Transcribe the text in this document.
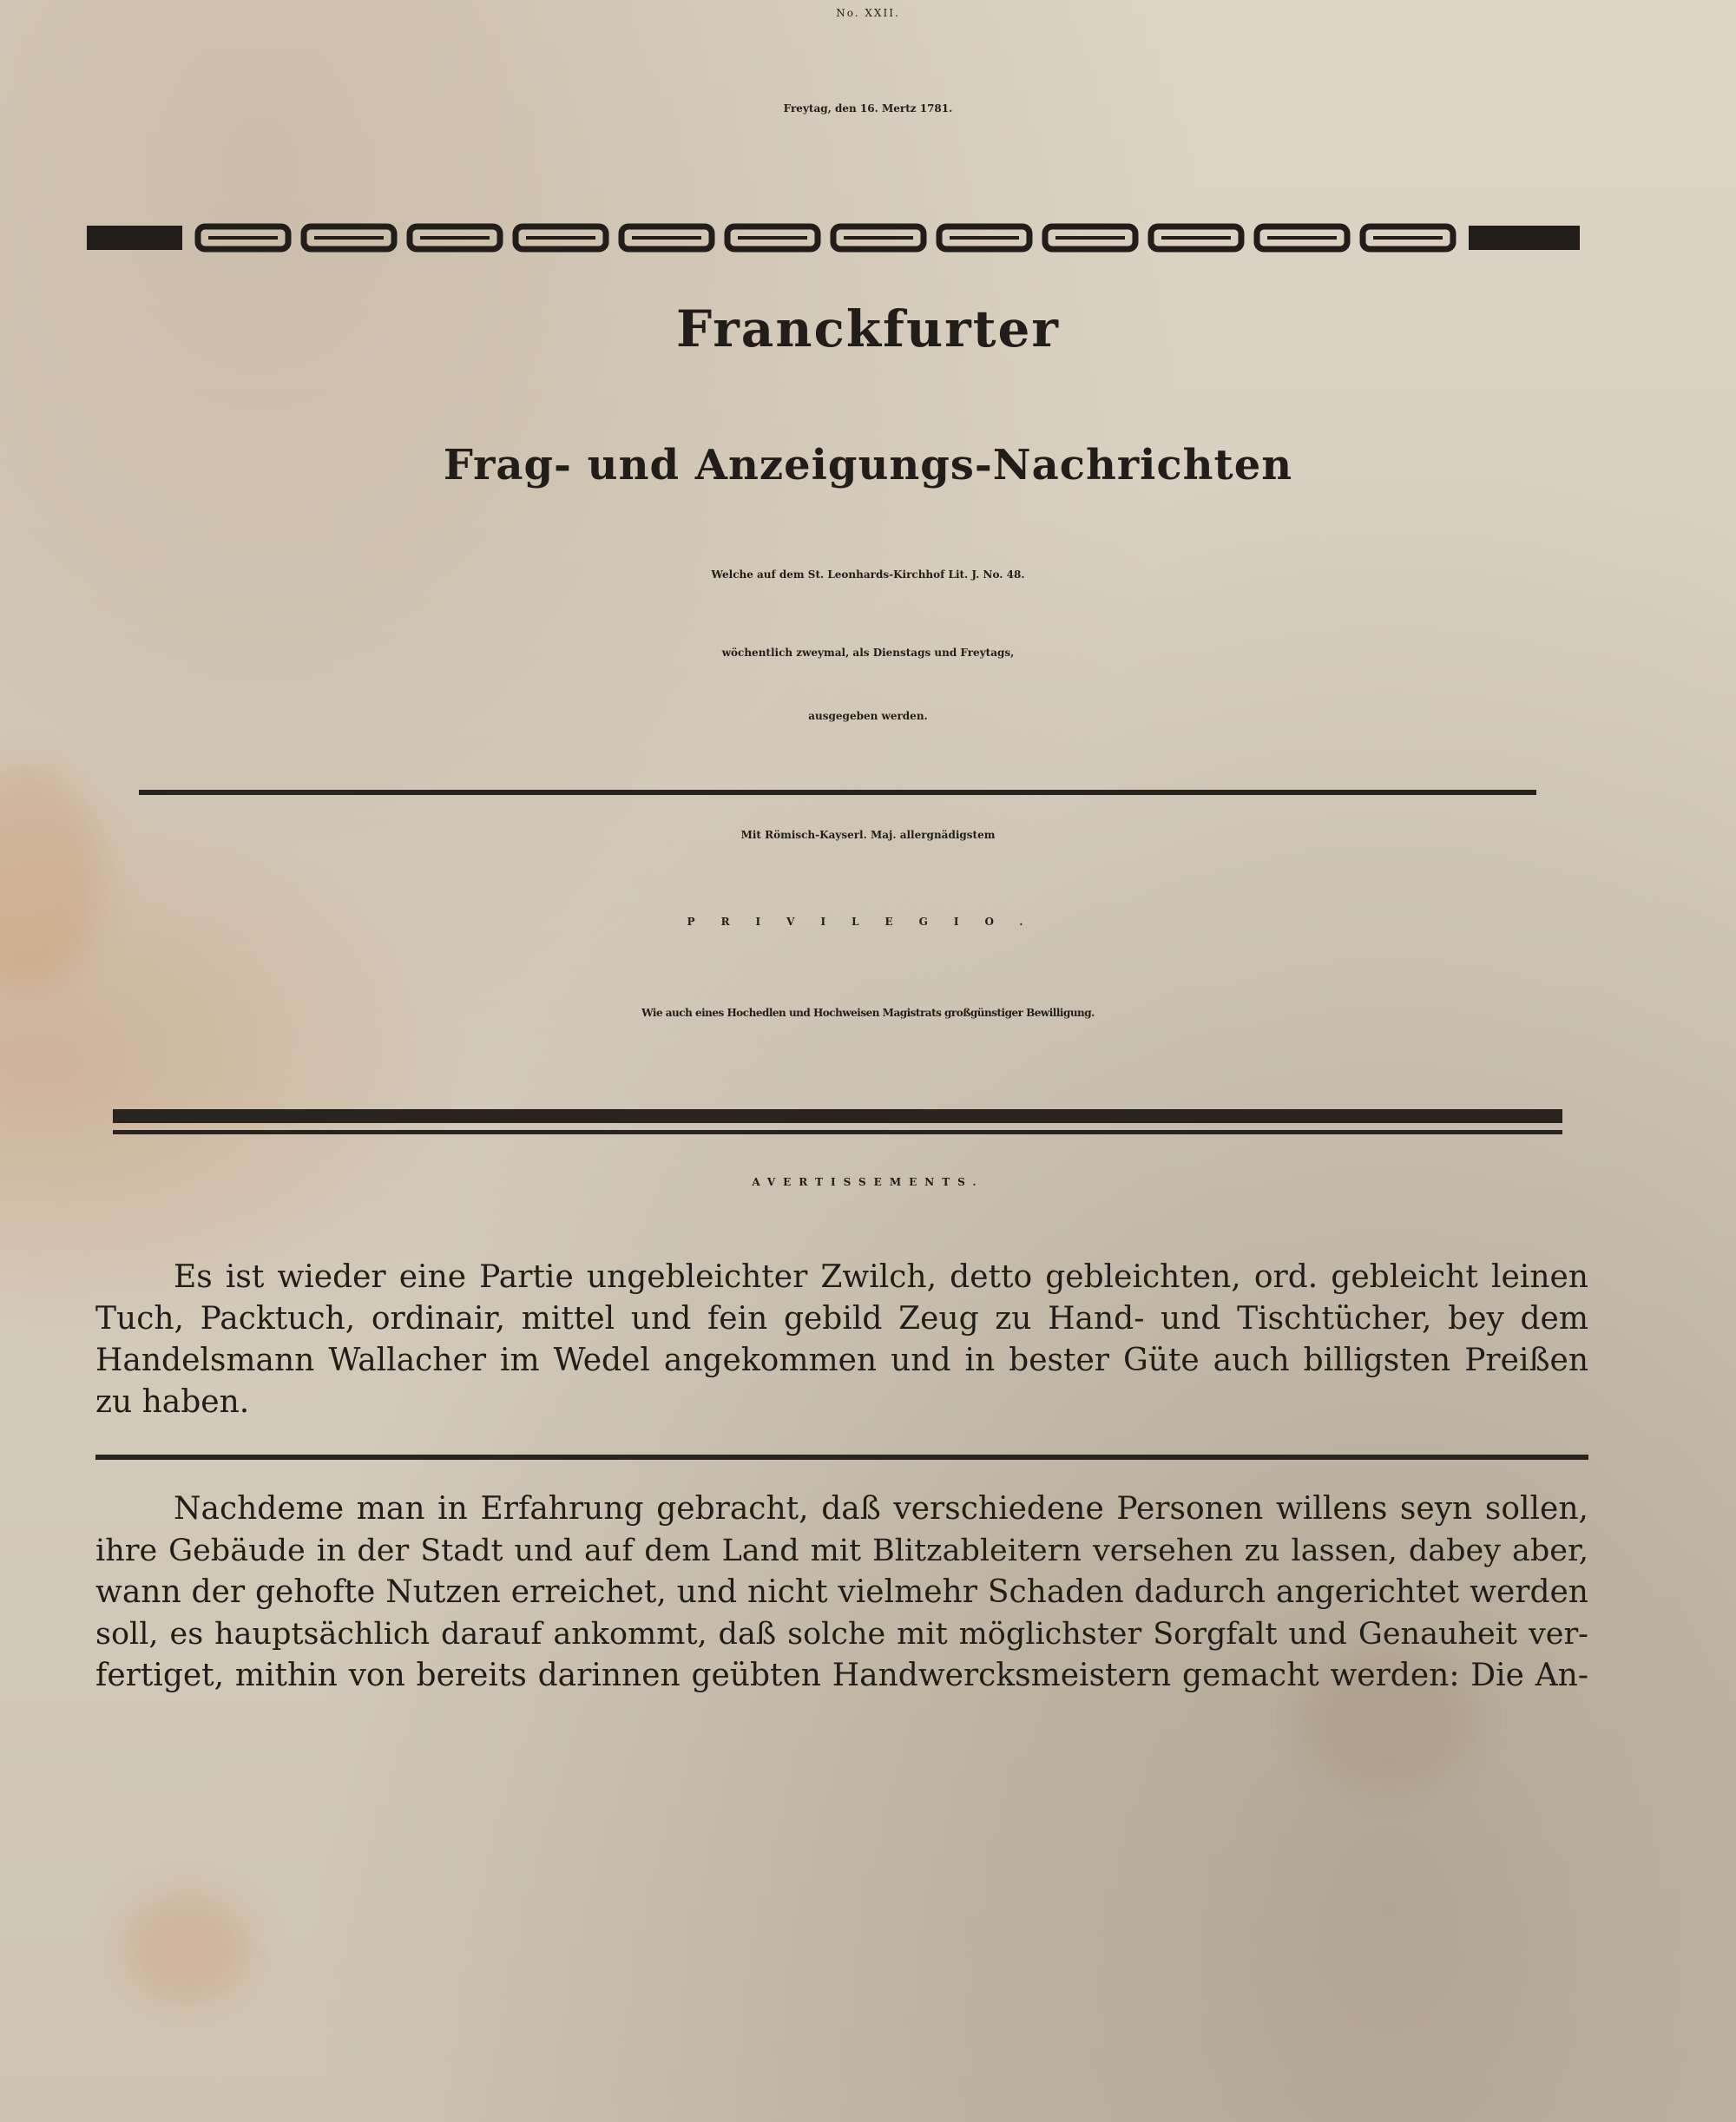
No. XXII.
Freytag, den 16. Mertz 1781.
Franckfurter
Frag- und Anzeigungs-Nachrichten
Welche auf dem St. Leonhards-Kirchhof Lit. J. No. 48.
wöchentlich zweymal, als Dienstags und Freytags,
ausgegeben werden.
Mit Römisch-Kayserl. Maj. allergnädigstem
PRIVILEGIO.
Wie auch eines Hochedlen und Hochweisen Magistrats großgünstiger Bewilligung.
AVERTISSEMENTS.
Es ist wieder eine Partie ungebleichter Zwilch, detto gebleichten, ord. gebleicht leinen
Tuch, Packtuch, ordinair, mittel und fein gebild Zeug zu Hand- und Tischtücher, bey dem
Handelsmann Wallacher im Wedel angekommen und in bester Güte auch billigsten Preißen
zu haben.
Nachdeme man in Erfahrung gebracht, daß verschiedene Personen willens seyn sollen,
ihre Gebäude in der Stadt und auf dem Land mit Blitzableitern versehen zu lassen, dabey aber,
wann der gehofte Nutzen erreichet, und nicht vielmehr Schaden dadurch angerichtet werden
soll, es hauptsächlich darauf ankommt, daß solche mit möglichster Sorgfalt und Genauheit ver-
fertiget, mithin von bereits darinnen geübten Handwercksmeistern gemacht werden: Die An-
